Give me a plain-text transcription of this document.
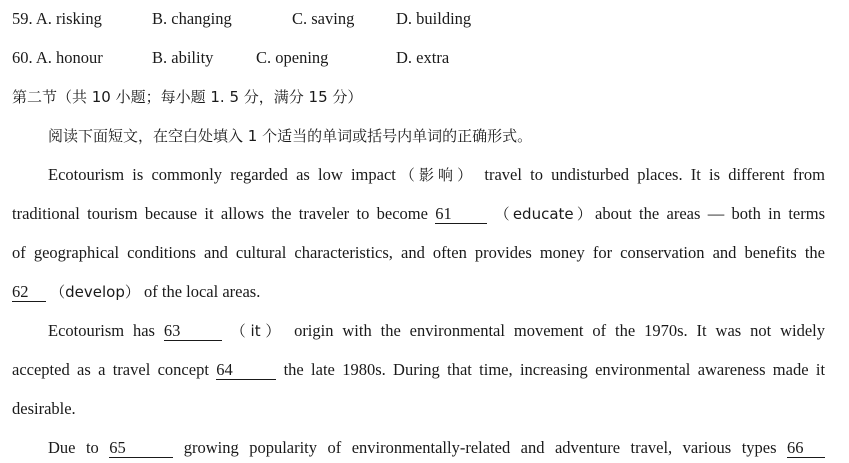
59. A. risking	B. changing	C. saving	D. building
60. A. honour	B. ability	C. opening	D. extra
第二节（共 10 小题；每小题 1. 5 分，满分 15 分）
阅读下面短文，在空白处填入 1 个适当的单词或括号内单词的正确形式。
Ecotourism is commonly regarded as low impact（影响） travel to undisturbed places. It is different from
traditional tourism because it allows the traveler to become 61	（educate）about the areas — both in terms
of geographical conditions and cultural characteristics, and often provides money for conservation and benefits the
62 （develop） of the local areas.
Ecotourism has 63	（it） origin with the environmental movement of the 1970s. It was not widely
accepted as a travel concept 64	the late 1980s. During that time, increasing environmental awareness made it
desirable.
Due to 65	growing popularity of environmentally-related and adventure travel, various types 66
